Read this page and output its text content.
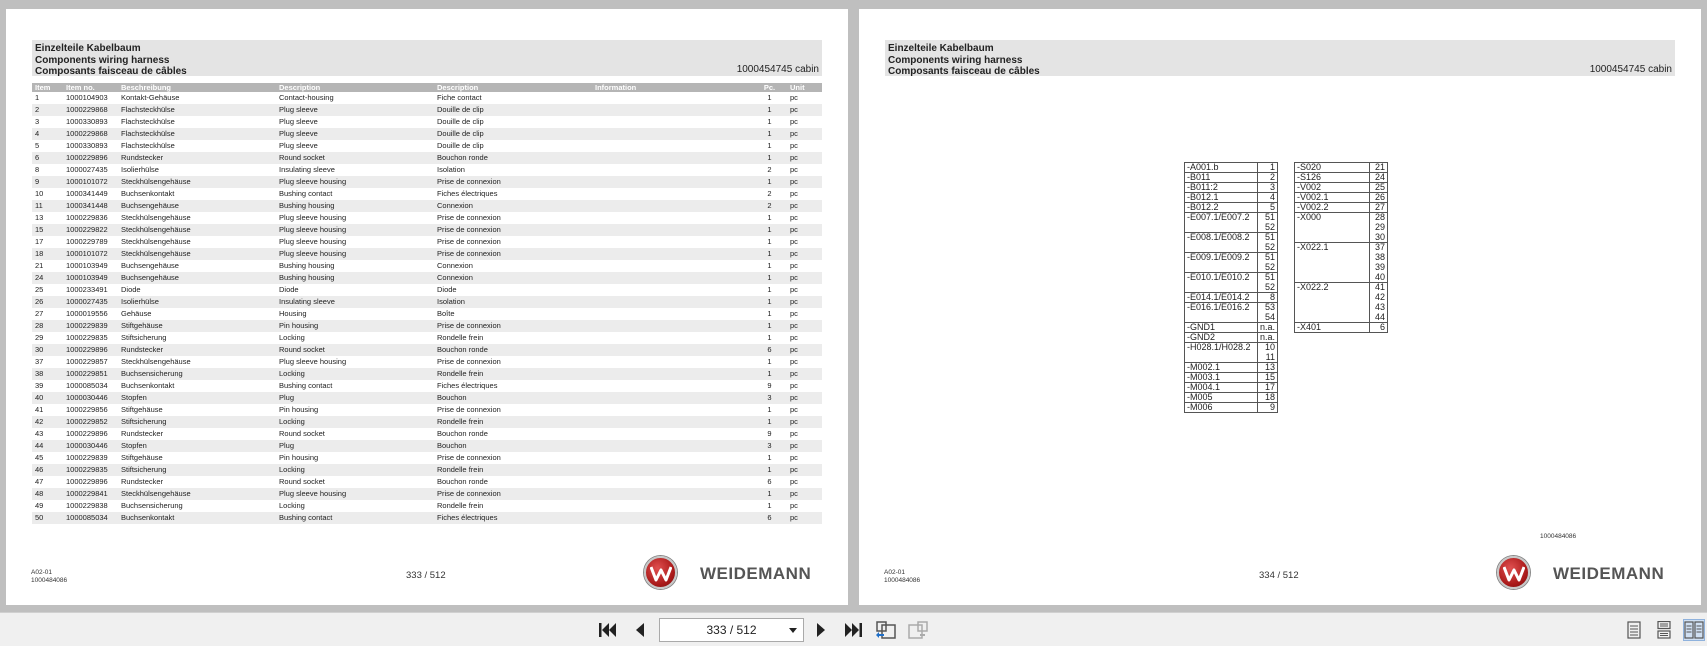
Einzelteile Kabelbaum
Components wiring harness
Composants faisceau de câbles	1000454745 cabin
Item	Item no.	Beschreibung	Description	Description	Information	Pc.	Unit
1	1000104903	Kontakt-Gehäuse	Contact-housing	Fiche contact		1	pc
2	1000229868	Flachsteckhülse	Plug sleeve	Douille de clip		1	pc
3	1000330893	Flachsteckhülse	Plug sleeve	Douille de clip		1	pc
4	1000229868	Flachsteckhülse	Plug sleeve	Douille de clip		1	pc
5	1000330893	Flachsteckhülse	Plug sleeve	Douille de clip		1	pc
6	1000229896	Rundstecker	Round socket	Bouchon ronde		1	pc
8	1000027435	Isolierhülse	Insulating sleeve	Isolation		2	pc
9	1000101072	Steckhülsengehäuse	Plug sleeve housing	Prise de connexion		1	pc
10	1000341449	Buchsenkontakt	Bushing contact	Fiches électriques		2	pc
11	1000341448	Buchsengehäuse	Bushing housing	Connexion		2	pc
13	1000229836	Steckhülsengehäuse	Plug sleeve housing	Prise de connexion		1	pc
15	1000229822	Steckhülsengehäuse	Plug sleeve housing	Prise de connexion		1	pc
17	1000229789	Steckhülsengehäuse	Plug sleeve housing	Prise de connexion		1	pc
18	1000101072	Steckhülsengehäuse	Plug sleeve housing	Prise de connexion		1	pc
21	1000103949	Buchsengehäuse	Bushing housing	Connexion		1	pc
24	1000103949	Buchsengehäuse	Bushing housing	Connexion		1	pc
25	1000233491	Diode	Diode	Diode		1	pc
26	1000027435	Isolierhülse	Insulating sleeve	Isolation		1	pc
27	1000019556	Gehäuse	Housing	Boîte		1	pc
28	1000229839	Stiftgehäuse	Pin housing	Prise de connexion		1	pc
29	1000229835	Stiftsicherung	Locking	Rondelle frein		1	pc
30	1000229896	Rundstecker	Round socket	Bouchon ronde		6	pc
37	1000229857	Steckhülsengehäuse	Plug sleeve housing	Prise de connexion		1	pc
38	1000229851	Buchsensicherung	Locking	Rondelle frein		1	pc
39	1000085034	Buchsenkontakt	Bushing contact	Fiches électriques		9	pc
40	1000030446	Stopfen	Plug	Bouchon		3	pc
41	1000229856	Stiftgehäuse	Pin housing	Prise de connexion		1	pc
42	1000229852	Stiftsicherung	Locking	Rondelle frein		1	pc
43	1000229896	Rundstecker	Round socket	Bouchon ronde		9	pc
44	1000030446	Stopfen	Plug	Bouchon		3	pc
45	1000229839	Stiftgehäuse	Pin housing	Prise de connexion		1	pc
46	1000229835	Stiftsicherung	Locking	Rondelle frein		1	pc
47	1000229896	Rundstecker	Round socket	Bouchon ronde		6	pc
48	1000229841	Steckhülsengehäuse	Plug sleeve housing	Prise de connexion		1	pc
49	1000229838	Buchsensicherung	Locking	Rondelle frein		1	pc
50	1000085034	Buchsenkontakt	Bushing contact	Fiches électriques		6	pc
A02-01
1000484086	333 / 512	WEIDEMANN
Einzelteile Kabelbaum
Components wiring harness
Composants faisceau de câbles	1000454745 cabin
-A001.b	1
-B011	2
-B011:2	3
-B012.1	4
-B012.2	5
-E007.1/E007.2	51
	52
-E008.1/E008.2	51
	52
-E009.1/E009.2	51
	52
-E010.1/E010.2	51
	52
-E014.1/E014.2	8
-E016.1/E016.2	53
	54
-GND1	n.a.
-GND2	n.a.
-H028.1/H028.2	10
	11
-M002.1	13
-M003.1	15
-M004.1	17
-M005	18
-M006	9
-S020	21
-S126	24
-V002	25
-V002.1	26
-V002.2	27
-X000	28
	29
	30
-X022.1	37
	38
	39
	40
-X022.2	41
	42
	43
	44
-X401	6
1000484086
A02-01
1000484086	334 / 512	WEIDEMANN
333 / 512
